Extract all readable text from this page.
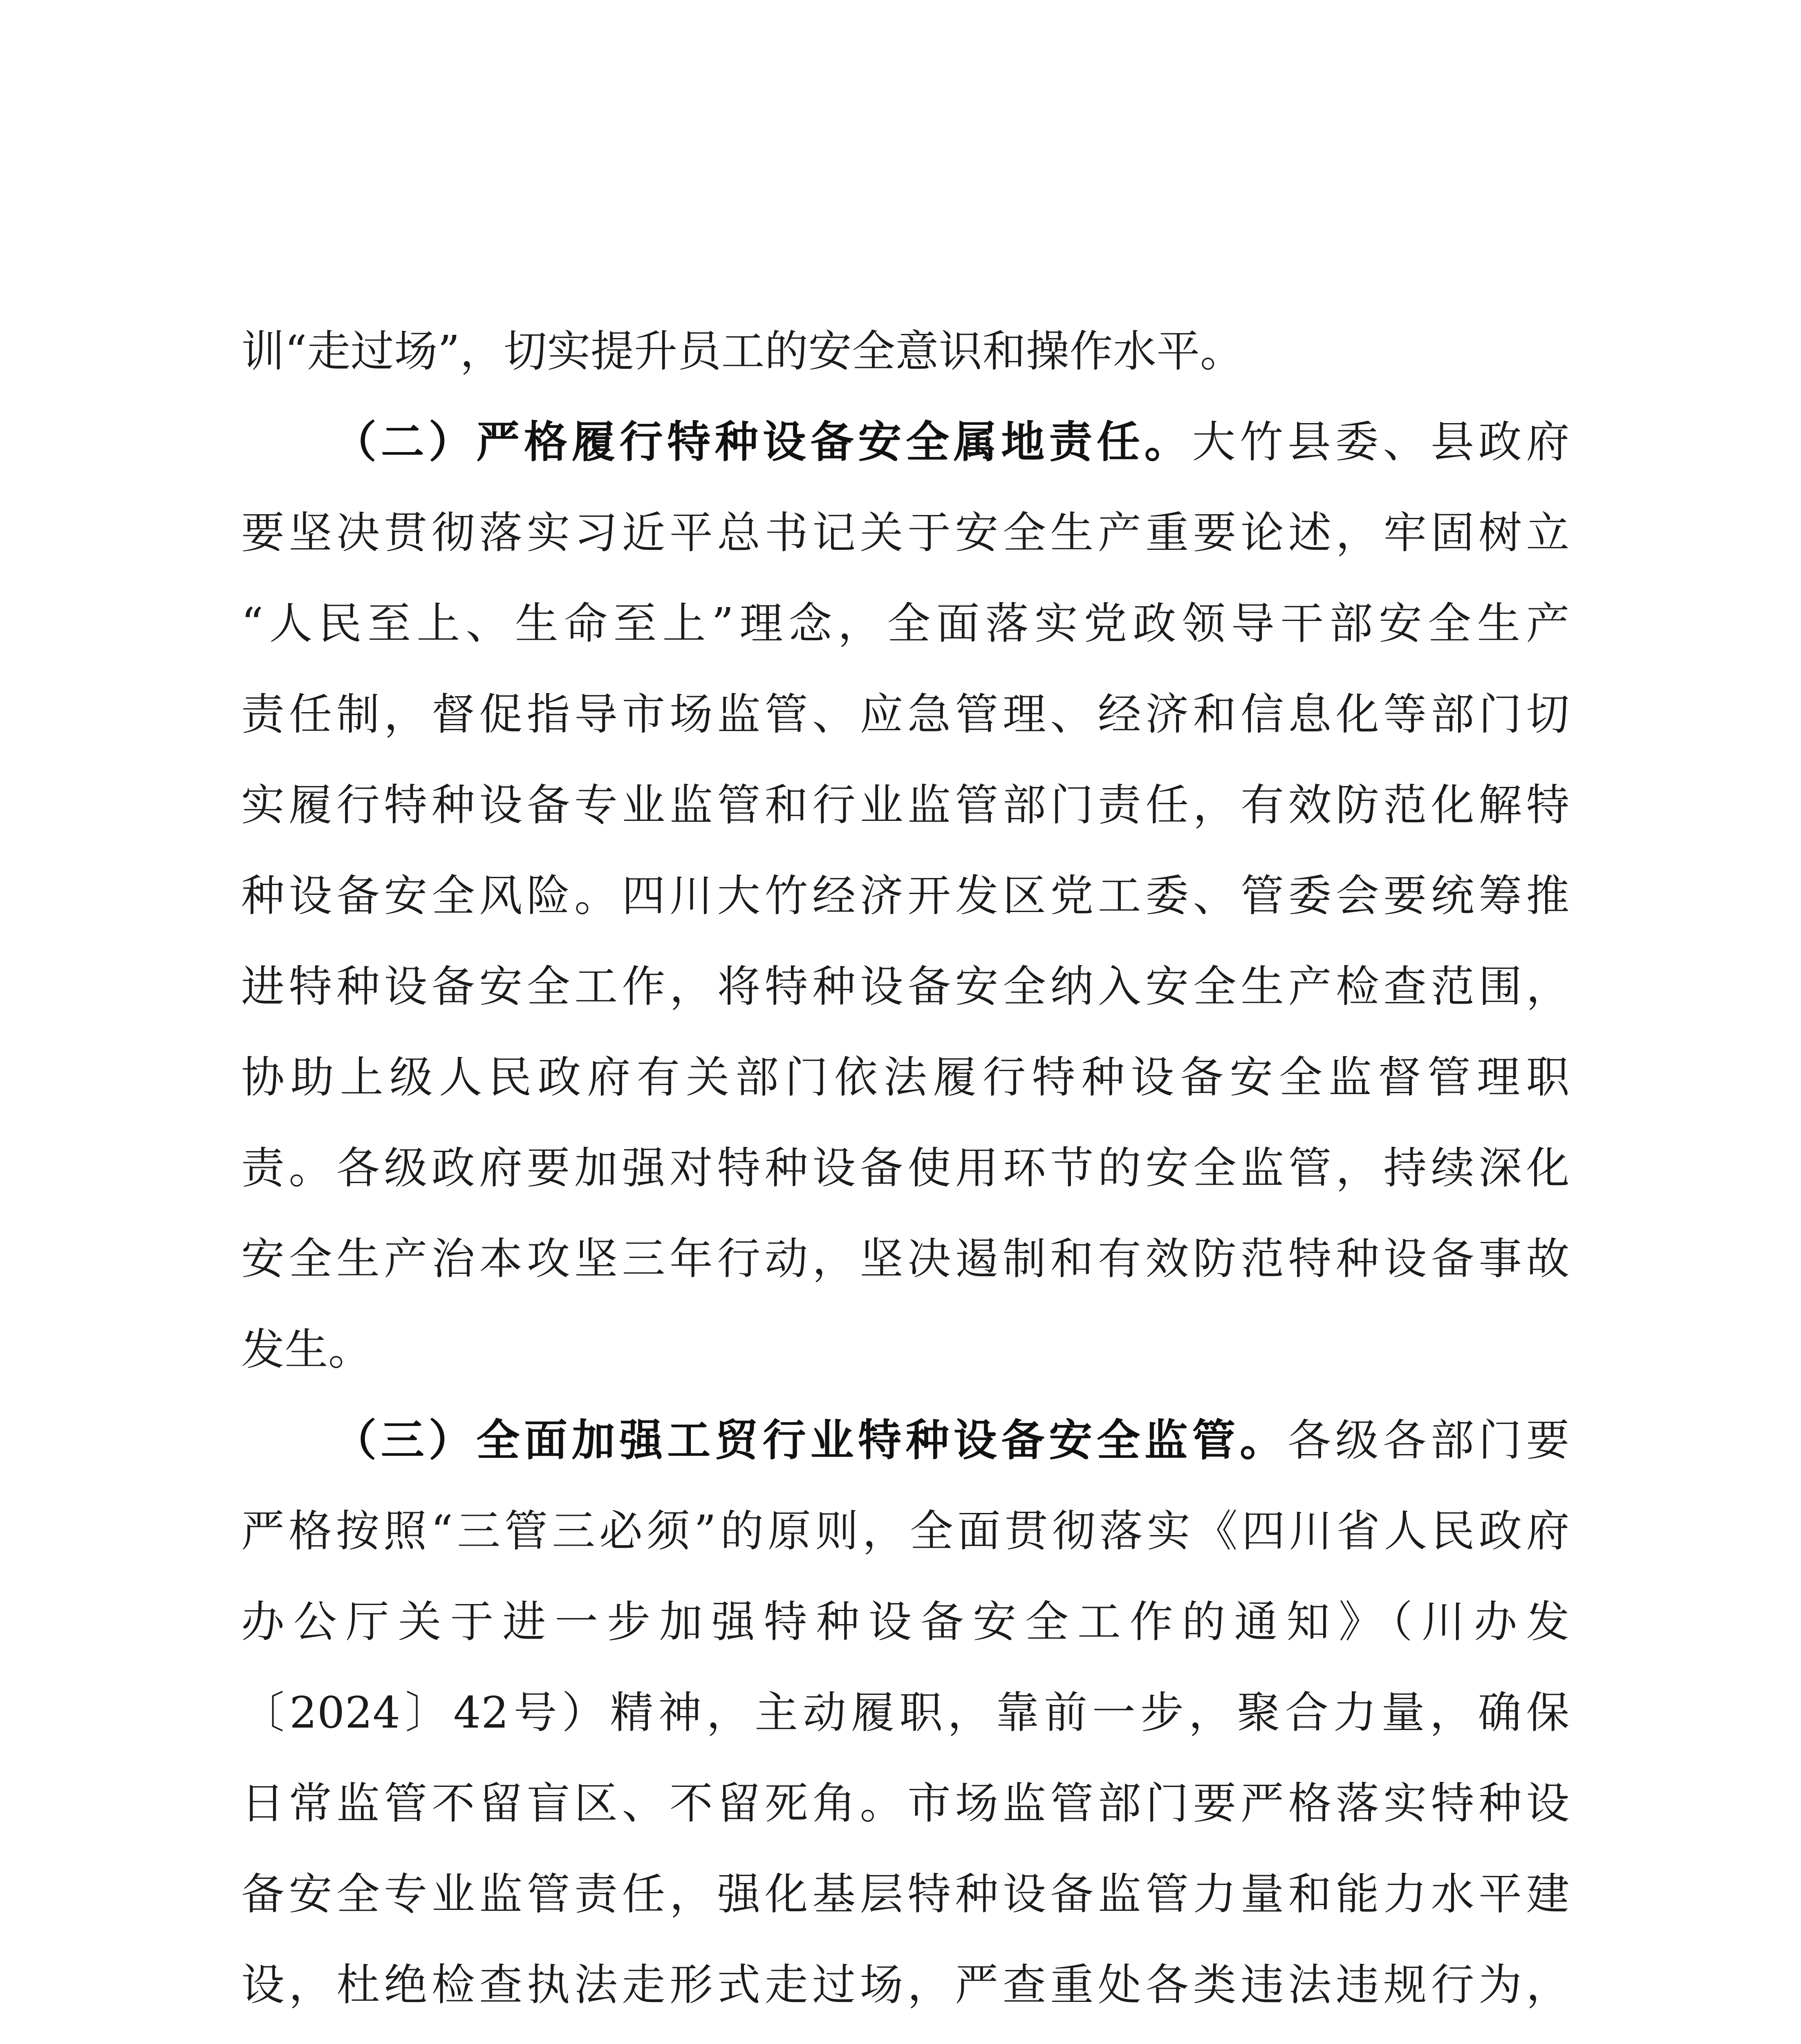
训“走过场”，切实提升员工的安全意识和操作水平。
（二）严格履行特种设备安全属地责任。大竹县委、县政府
要坚决贯彻落实习近平总书记关于安全生产重要论述，牢固树立
“人民至上、生命至上”理念，全面落实党政领导干部安全生产
责任制，督促指导市场监管、应急管理、经济和信息化等部门切
实履行特种设备专业监管和行业监管部门责任，有效防范化解特
种设备安全风险。四川大竹经济开发区党工委、管委会要统筹推
进特种设备安全工作，将特种设备安全纳入安全生产检查范围，
协助上级人民政府有关部门依法履行特种设备安全监督管理职
责。各级政府要加强对特种设备使用环节的安全监管，持续深化
安全生产治本攻坚三年行动，坚决遏制和有效防范特种设备事故
发生。
（三）全面加强工贸行业特种设备安全监管。各级各部门要
严格按照“三管三必须”的原则，全面贯彻落实《四川省人民政府
办公厅关于进一步加强特种设备安全工作的通知》（川办发
〔2024〕42号）精神，主动履职，靠前一步，聚合力量，确保
日常监管不留盲区、不留死角。市场监管部门要严格落实特种设
备安全专业监管责任，强化基层特种设备监管力量和能力水平建
设，杜绝检查执法走形式走过场，严查重处各类违法违规行为，
